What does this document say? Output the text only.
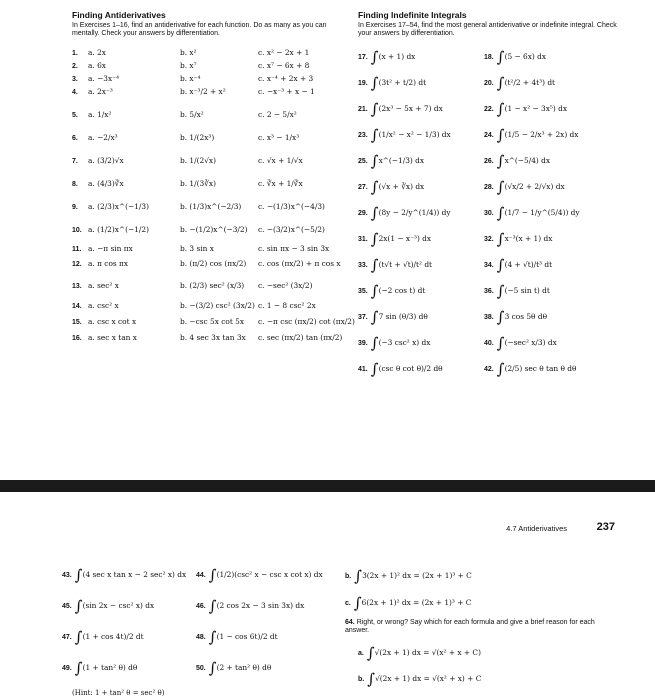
Finding Antiderivatives
In Exercises 1–16, find an antiderivative for each function. Do as many as you can mentally. Check your answers by differentiation.
1. a. 2x	b. x²	c. x² − 2x + 1
2. a. 6x	b. x⁷	c. x⁷ − 6x + 8
3. a. −3x⁻⁴	b. x⁻⁴	c. x⁻⁴ + 2x + 3
4. a. 2x⁻³	b. x⁻³/2 + x²	c. −x⁻³ + x − 1
5. a. 1/x²	b. 5/x²	c. 2 − 5/x²
6. a. −2/x³	b. 1/(2x³)	c. x³ − 1/x³
7. a. (3/2)√x	b. 1/(2√x)	c. √x + 1/√x
8. a. (4/3)∛x	b. 1/(3∛x)	c. ∛x + 1/∛x
9. a. (2/3)x^(−1/3)	b. (1/3)x^(−2/3) c. −(1/3)x^(−4/3)
10. a. (1/2)x^(−1/2)	b. −(1/2)x^(−3/2) c. −(3/2)x^(−5/2)
11. a. −π sin πx	b. 3 sin x	c. sin πx − 3 sin 3x
12. a. π cos πx	b. (π/2) cos (πx/2) c. cos (πx/2) + π cos x
13. a. sec² x	b. (2/3) sec² (x/3) c. −sec² (3x/2)
14. a. csc² x	b. −(3/2) csc² (3x/2) c. 1 − 8 csc² 2x
15. a. csc x cot x	b. −csc 5x cot 5x c. −π csc (πx/2) cot (πx/2)
16. a. sec x tan x	b. 4 sec 3x tan 3x c. sec (πx/2) tan (πx/2)
Finding Indefinite Integrals
In Exercises 17–54, find the most general antiderivative or indefinite integral. Check your answers by differentiation.
17. ∫(x + 1) dx	18. ∫(5 − 6x) dx
19. ∫(3t² + t/2) dt	20. ∫(t²/2 + 4t³) dt
21. ∫(2x³ − 5x + 7) dx	22. ∫(1 − x² − 3x⁵) dx
23. ∫(1/x² − x² − 1/3) dx	24. ∫(1/5 − 2/x³ + 2x) dx
25. ∫x^(−1/3) dx	26. ∫x^(−5/4) dx
27. ∫(√x + ∛x) dx	28. ∫(√x/2 + 2/√x) dx
29. ∫(8y − 2/y^(1/4)) dy	30. ∫(1/7 − 1/y^(5/4)) dy
31. ∫2x(1 − x⁻³) dx	32. ∫x⁻³(x + 1) dx
33. ∫(t√t + √t)/t² dt	34. ∫(4 + √t)/t³ dt
35. ∫(−2 cos t) dt	36. ∫(−5 sin t) dt
37. ∫7 sin (θ/3) dθ	38. ∫3 cos 5θ dθ
39. ∫(−3 csc² x) dx	40. ∫(−sec² x/3) dx
41. ∫(csc θ cot θ)/2 dθ	42. ∫(2/5) sec θ tan θ dθ
4.7 Antiderivatives	237
43. ∫(4 sec x tan x − 2 sec² x) dx 44. ∫(1/2)(csc² x − csc x cot x) dx
45. ∫(sin 2x − csc² x) dx	46. ∫(2 cos 2x − 3 sin 3x) dx
47. ∫(1 + cos 4t)/2 dt	48. ∫(1 − cos 6t)/2 dt
49. ∫(1 + tan² θ) dθ	50. ∫(2 + tan² θ) dθ
(Hint: 1 + tan² θ = sec² θ)
b. ∫3(2x + 1)² dx = (2x + 1)³ + C
c. ∫6(2x + 1)² dx = (2x + 1)³ + C
64. Right, or wrong? Say which for each formula and give a brief reason for each answer.
a. ∫√(2x + 1) dx = √(x² + x + C)
b. ∫√(2x + 1) dx = √(x² + x) + C
